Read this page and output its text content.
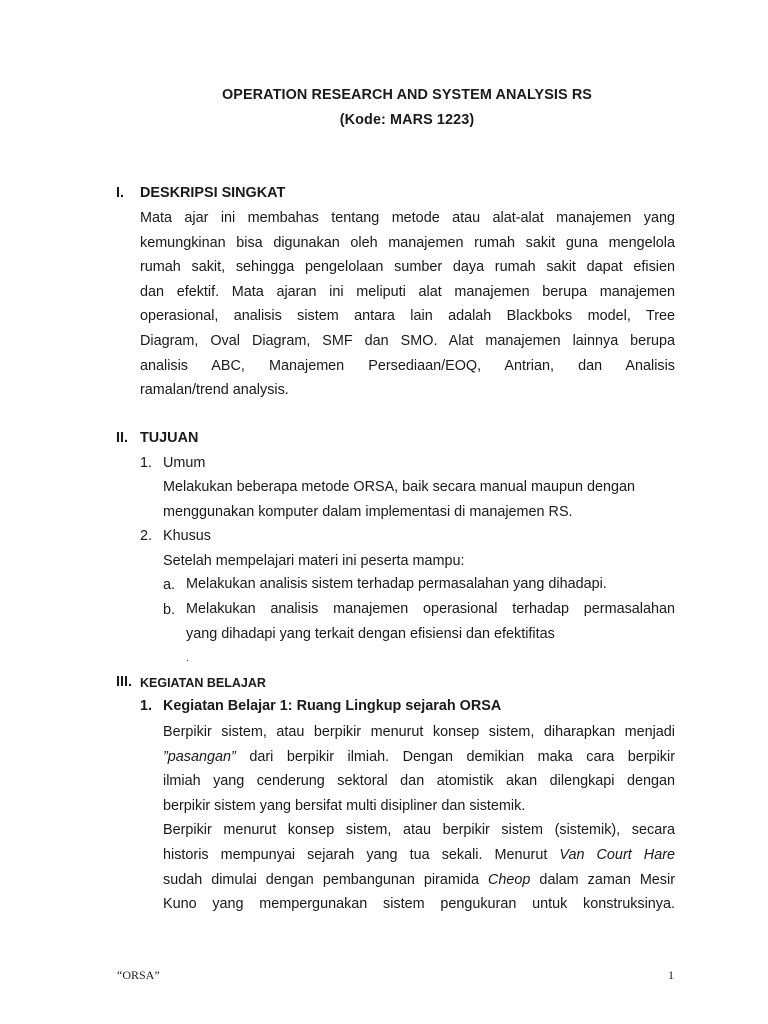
OPERATION RESEARCH AND SYSTEM ANALYSIS RS
(Kode: MARS 1223)
I. DESKRIPSI SINGKAT
Mata ajar ini membahas tentang metode atau alat-alat manajemen yang
kemungkinan bisa digunakan oleh manajemen rumah sakit guna mengelola
rumah sakit, sehingga pengelolaan sumber daya rumah sakit dapat efisien
dan efektif. Mata ajaran ini meliputi alat manajemen berupa manajemen
operasional, analisis sistem antara lain adalah Blackboks model, Tree
Diagram, Oval Diagram, SMF dan SMO. Alat manajemen lainnya berupa
analisis ABC, Manajemen Persediaan/EOQ, Antrian, dan Analisis
ramalan/trend analysis.
II. TUJUAN
1. Umum
Melakukan beberapa metode ORSA, baik secara manual maupun dengan
menggunakan komputer dalam implementasi di manajemen RS.
2. Khusus
Setelah mempelajari materi ini peserta mampu:
a. Melakukan analisis sistem terhadap permasalahan yang dihadapi.
b. Melakukan analisis manajemen operasional terhadap permasalahan
yang dihadapi yang terkait dengan efisiensi dan efektifitas
.
III. KEGIATAN BELAJAR
1. Kegiatan Belajar 1: Ruang Lingkup sejarah ORSA
Berpikir sistem, atau berpikir menurut konsep sistem, diharapkan menjadi
”pasangan” dari berpikir ilmiah. Dengan demikian maka cara berpikir
ilmiah yang cenderung sektoral dan atomistik akan dilengkapi dengan
berpikir sistem yang bersifat multi disipliner dan sistemik.
Berpikir menurut konsep sistem, atau berpikir sistem (sistemik), secara
historis mempunyai sejarah yang tua sekali. Menurut Van Court Hare
sudah dimulai dengan pembangunan piramida Cheop dalam zaman Mesir
Kuno yang mempergunakan sistem pengukuran untuk konstruksinya.
“ORSA”	1
